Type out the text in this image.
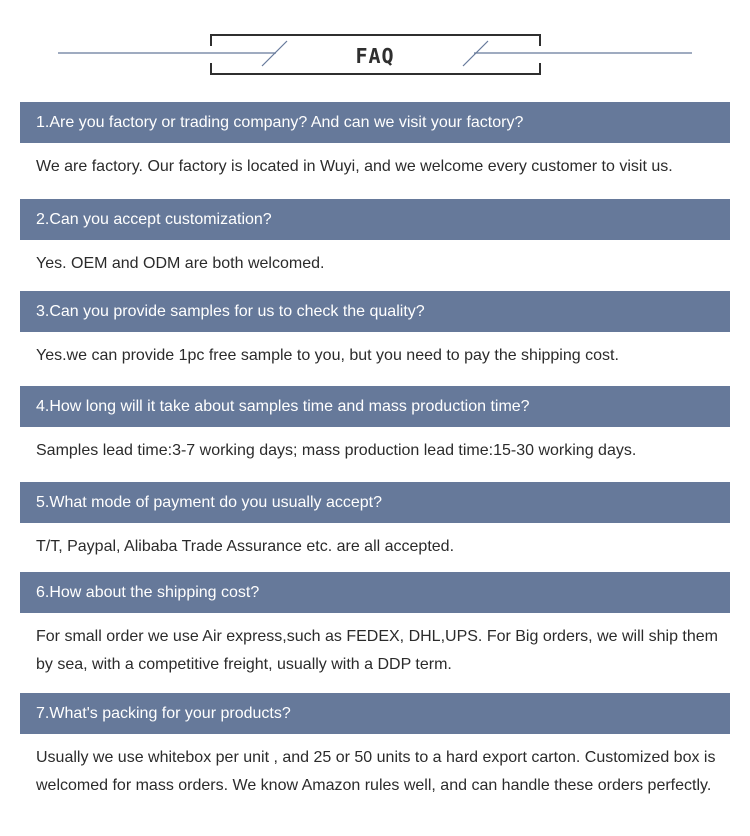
FAQ
1.Are you factory or trading company? And can we visit your factory?

We are factory. Our factory is located in Wuyi, and we welcome every customer to visit us.

2.Can you accept customization?

Yes. OEM and ODM are both welcomed.

3.Can you provide samples for us to check the quality?

Yes.we can provide 1pc free sample to you, but you need to pay the shipping cost.

4.How long will it take about samples time and mass production time?

Samples lead time:3-7 working days; mass production lead time:15-30 working days.

5.What mode of payment do you usually accept?

T/T, Paypal, Alibaba Trade Assurance etc. are all accepted.

6.How about the shipping cost?

For small order we use Air express,such as FEDEX, DHL,UPS. For Big orders, we will ship them by sea, with a competitive freight, usually with a DDP term.

7.What's packing for your products?

Usually we use whitebox per unit , and 25 or 50 units to a hard export carton. Customized box is welcomed for mass orders. We know Amazon rules well, and can handle these orders perfectly.
